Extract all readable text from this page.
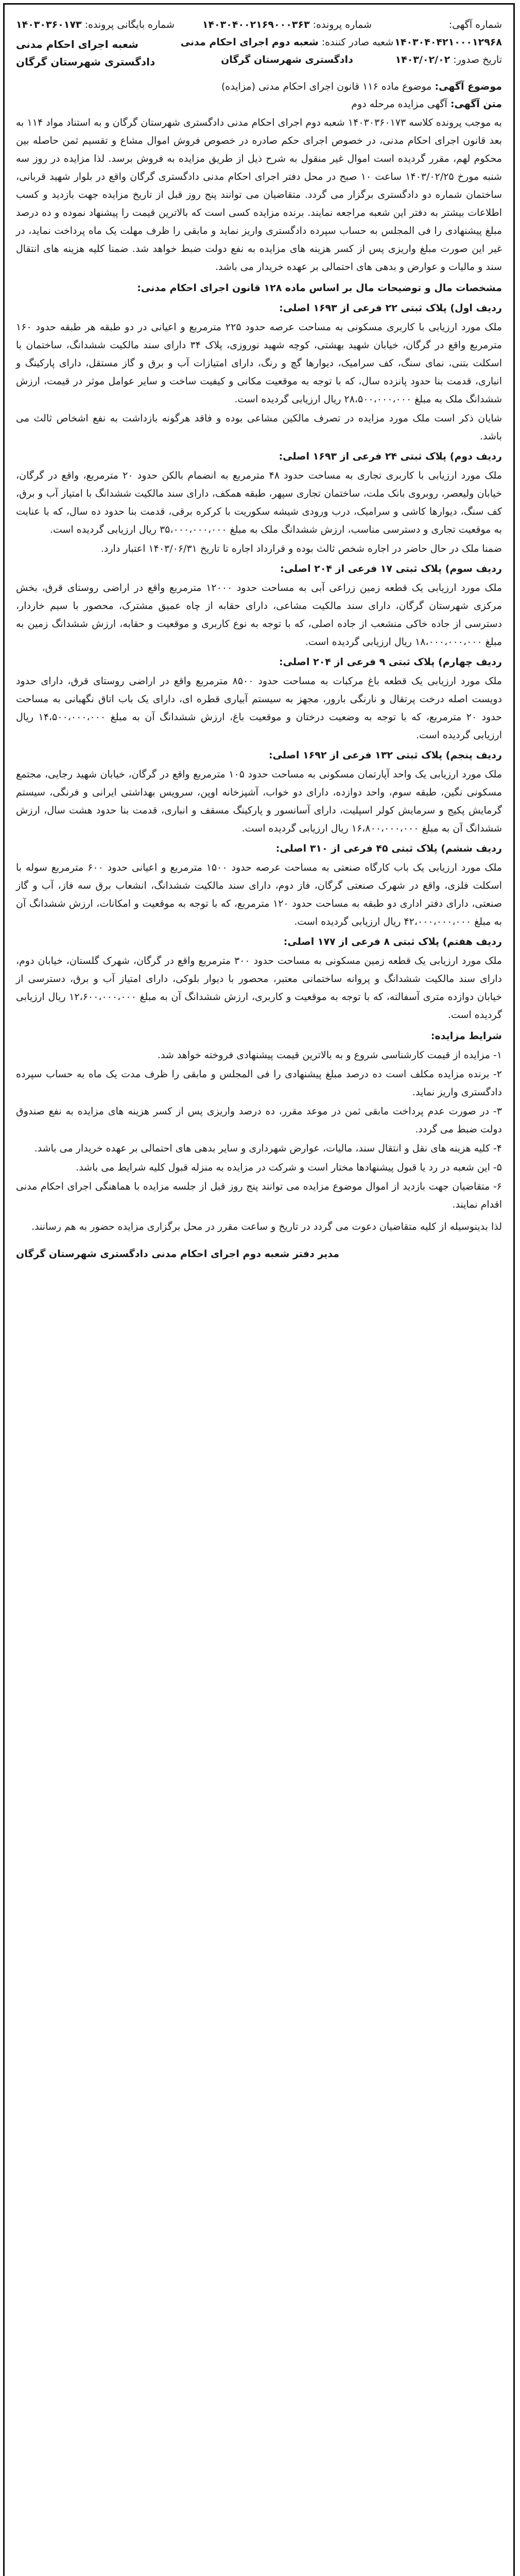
شماره آگهی: ۱۴۰۳۰۴۰۴۲۱۰۰۰۱۲۹۶۸
تاریخ صدور: ۱۴۰۳/۰۲/۰۲
شماره پرونده: ۱۴۰۳۰۴۰۰۲۱۶۹۰۰۰۳۶۳
شعبه صادر کننده: شعبه دوم اجرای احکام مدنی دادگستری شهرستان گرگان
شماره بایگانی پرونده: ۱۴۰۳۰۳۶۰۱۷۳
شعبه اجرای احکام مدنی دادگستری شهرستان گرگان
موضوع آگهی: موضوع ماده ۱۱۶ قانون اجرای احکام مدنی (مزایده)
متن آگهی: آگهی مزایده مرحله دوم

به موجب پرونده کلاسه ۱۴۰۳۰۳۶۰۱۷۳ شعبه دوم اجرای احکام مدنی دادگستری شهرستان گرگان و به استناد مواد ۱۱۴ به بعد قانون اجرای احکام مدنی، در خصوص اجرای حکم صادره در خصوص فروش اموال مشاع و تقسیم ثمن حاصله بین محکوم لهم، مقرر گردیده است اموال غیر منقول به شرح ذیل از طریق مزایده به فروش برسد. لذا مزایده در روز سه شنبه مورخ ۱۴۰۳/۰۲/۲۵ ساعت ۱۰ صبح در محل دفتر اجرای احکام مدنی دادگستری گرگان واقع در بلوار شهید قربانی، ساختمان شماره دو دادگستری برگزار می گردد. متقاضیان می توانند پنج روز قبل از تاریخ مزایده جهت بازدید و کسب اطلاعات بیشتر به دفتر این شعبه مراجعه نمایند. برنده مزایده کسی است که بالاترین قیمت را پیشنهاد نموده و ده درصد مبلغ پیشنهادی را فی المجلس به حساب سپرده دادگستری واریز نماید و مابقی را ظرف مهلت یک ماه پرداخت نماید، در غیر این صورت مبلغ واریزی پس از کسر هزینه های مزایده به نفع دولت ضبط خواهد شد. ضمنا کلیه هزینه های انتقال سند و مالیات و عوارض و بدهی های احتمالی بر عهده خریدار می باشد.

مشخصات مال و توضیحات مال بر اساس ماده ۱۲۸ قانون اجرای احکام مدنی:
ردیف اول) پلاک ثبتی ۲۲ فرعی از ۱۶۹۳ اصلی:

ملک مورد ارزیابی با کاربری مسکونی به مساحت عرصه حدود ۲۲۵ مترمربع و اعیانی در دو طبقه هر طبقه حدود ۱۶۰ مترمربع واقع در گرگان، خیابان شهید بهشتی، کوچه شهید نوروزی، پلاک ۳۴ دارای سند مالکیت ششدانگ، ساختمان با اسکلت بتنی، نمای سنگ، کف سرامیک، دیوارها گچ و رنگ، دارای امتیازات آب و برق و گاز مستقل، دارای پارکینگ و انباری، قدمت بنا حدود پانزده سال، که با توجه به موقعیت مکانی و کیفیت ساخت و سایر عوامل موثر در قیمت، ارزش ششدانگ ملک به مبلغ ۲۸،۵۰۰،۰۰۰،۰۰۰ ریال ارزیابی گردیده است.

شایان ذکر است ملک مورد مزایده در تصرف مالکین مشاعی بوده و فاقد هرگونه بازداشت به نفع اشخاص ثالث می باشد.

ردیف دوم) پلاک ثبتی ۲۴ فرعی از ۱۶۹۳ اصلی:

ملک مورد ارزیابی با کاربری تجاری به مساحت حدود ۴۸ مترمربع به انضمام بالکن حدود ۲۰ مترمربع، واقع در گرگان، خیابان ولیعصر، روبروی بانک ملت، ساختمان تجاری سپهر، طبقه همکف، دارای سند مالکیت ششدانگ با امتیاز آب و برق، کف سنگ، دیوارها کاشی و سرامیک، درب ورودی شیشه سکوریت با کرکره برقی، قدمت بنا حدود ده سال، که با عنایت به موقعیت تجاری و دسترسی مناسب، ارزش ششدانگ ملک به مبلغ ۳۵،۰۰۰،۰۰۰،۰۰۰ ریال ارزیابی گردیده است.

ضمنا ملک در حال حاضر در اجاره شخص ثالث بوده و قرارداد اجاره تا تاریخ ۱۴۰۳/۰۶/۳۱ اعتبار دارد.

ردیف سوم) پلاک ثبتی ۱۷ فرعی از ۲۰۴ اصلی:

ملک مورد ارزیابی یک قطعه زمین زراعی آبی به مساحت حدود ۱۲۰۰۰ مترمربع واقع در اراضی روستای قرق، بخش مرکزی شهرستان گرگان، دارای سند مالکیت مشاعی، دارای حقابه از چاه عمیق مشترک، محصور با سیم خاردار، دسترسی از جاده خاکی منشعب از جاده اصلی، که با توجه به نوع کاربری و موقعیت و حقابه، ارزش ششدانگ زمین به مبلغ ۱۸،۰۰۰،۰۰۰،۰۰۰ ریال ارزیابی گردیده است.

ردیف چهارم) پلاک ثبتی ۹ فرعی از ۲۰۴ اصلی:

ملک مورد ارزیابی یک قطعه باغ مرکبات به مساحت حدود ۸۵۰۰ مترمربع واقع در اراضی روستای قرق، دارای حدود دویست اصله درخت پرتقال و نارنگی بارور، مجهز به سیستم آبیاری قطره ای، دارای یک باب اتاق نگهبانی به مساحت حدود ۲۰ مترمربع، که با توجه به وضعیت درختان و موقعیت باغ، ارزش ششدانگ آن به مبلغ ۱۴،۵۰۰،۰۰۰،۰۰۰ ریال ارزیابی گردیده است.

ردیف پنجم) پلاک ثبتی ۱۳۲ فرعی از ۱۶۹۲ اصلی:

ملک مورد ارزیابی یک واحد آپارتمان مسکونی به مساحت حدود ۱۰۵ مترمربع واقع در گرگان، خیابان شهید رجایی، مجتمع مسکونی نگین، طبقه سوم، واحد دوازده، دارای دو خواب، آشپزخانه اوپن، سرویس بهداشتی ایرانی و فرنگی، سیستم گرمایش پکیج و سرمایش کولر اسپلیت، دارای آسانسور و پارکینگ مسقف و انباری، قدمت بنا حدود هشت سال، ارزش ششدانگ آن به مبلغ ۱۶،۸۰۰،۰۰۰،۰۰۰ ریال ارزیابی گردیده است.

ردیف ششم) پلاک ثبتی ۴۵ فرعی از ۳۱۰ اصلی:

ملک مورد ارزیابی یک باب کارگاه صنعتی به مساحت عرصه حدود ۱۵۰۰ مترمربع و اعیانی حدود ۶۰۰ مترمربع سوله با اسکلت فلزی، واقع در شهرک صنعتی گرگان، فاز دوم، دارای سند مالکیت ششدانگ، انشعاب برق سه فاز، آب و گاز صنعتی، دارای دفتر اداری دو طبقه به مساحت حدود ۱۲۰ مترمربع، که با توجه به موقعیت و امکانات، ارزش ششدانگ آن به مبلغ ۴۲،۰۰۰،۰۰۰،۰۰۰ ریال ارزیابی گردیده است.

ردیف هفتم) پلاک ثبتی ۸ فرعی از ۱۷۷ اصلی:

ملک مورد ارزیابی یک قطعه زمین مسکونی به مساحت حدود ۳۰۰ مترمربع واقع در گرگان، شهرک گلستان، خیابان دوم، دارای سند مالکیت ششدانگ و پروانه ساختمانی معتبر، محصور با دیوار بلوکی، دارای امتیاز آب و برق، دسترسی از خیابان دوازده متری آسفالته، که با توجه به موقعیت و کاربری، ارزش ششدانگ آن به مبلغ ۱۲،۶۰۰،۰۰۰،۰۰۰ ریال ارزیابی گردیده است.

شرایط مزایده:

۱- مزایده از قیمت کارشناسی شروع و به بالاترین قیمت پیشنهادی فروخته خواهد شد.

۲- برنده مزایده مکلف است ده درصد مبلغ پیشنهادی را فی المجلس و مابقی را ظرف مدت یک ماه به حساب سپرده دادگستری واریز نماید.

۳- در صورت عدم پرداخت مابقی ثمن در موعد مقرر، ده درصد واریزی پس از کسر هزینه های مزایده به نفع صندوق دولت ضبط می گردد.

۴- کلیه هزینه های نقل و انتقال سند، مالیات، عوارض شهرداری و سایر بدهی های احتمالی بر عهده خریدار می باشد.

۵- این شعبه در رد یا قبول پیشنهادها مختار است و شرکت در مزایده به منزله قبول کلیه شرایط می باشد.

۶- متقاضیان جهت بازدید از اموال موضوع مزایده می توانند پنج روز قبل از جلسه مزایده با هماهنگی اجرای احکام مدنی اقدام نمایند.

لذا بدینوسیله از کلیه متقاضیان دعوت می گردد در تاریخ و ساعت مقرر در محل برگزاری مزایده حضور به هم رسانند.

مدیر دفتر شعبه دوم اجرای احکام مدنی دادگستری شهرستان گرگان
